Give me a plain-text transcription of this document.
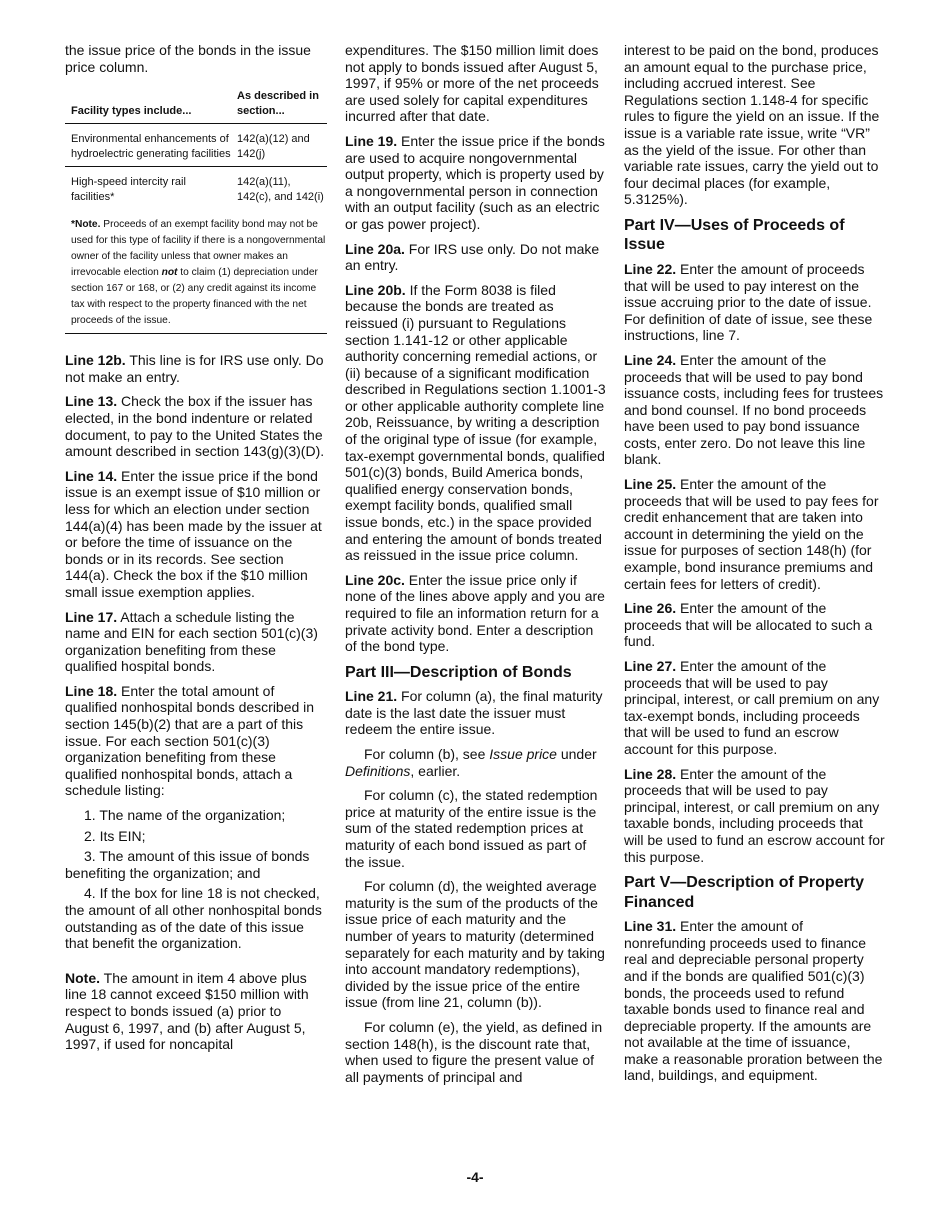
the issue price of the bonds in the issue price column.

Facility types include...	As described in section...
Environmental enhancements of hydroelectric generating facilities	142(a)(12) and 142(j)
High-speed intercity rail facilities*	142(a)(11), 142(c), and 142(i)
*Note. Proceeds of an exempt facility bond may not be used for this type of facility if there is a nongovernmental owner of the facility unless that owner makes an irrevocable election not to claim (1) depreciation under section 167 or 168, or (2) any credit against its income tax with respect to the property financed with the net proceeds of the issue.	

Line 12b. This line is for IRS use only. Do not make an entry.

Line 13. Check the box if the issuer has elected, in the bond indenture or related document, to pay to the United States the amount described in section 143(g)(3)(D).

Line 14. Enter the issue price if the bond issue is an exempt issue of $10 million or less for which an election under section 144(a)(4) has been made by the issuer at or before the time of issuance on the bonds or in its records. See section 144(a). Check the box if the $10 million small issue exemption applies.

Line 17. Attach a schedule listing the name and EIN for each section 501(c)(3) organization benefiting from these qualified hospital bonds.

Line 18. Enter the total amount of qualified nonhospital bonds described in section 145(b)(2) that are a part of this issue. For each section 501(c)(3) organization benefiting from these qualified nonhospital bonds, attach a schedule listing:

1. The name of the organization;
2. Its EIN;
3. The amount of this issue of bonds benefiting the organization; and
4. If the box for line 18 is not checked, the amount of all other nonhospital bonds outstanding as of the date of this issue that benefit the organization.

Note. The amount in item 4 above plus line 18 cannot exceed $150 million with respect to bonds issued (a) prior to August 6, 1997, and (b) after August 5, 1997, if used for noncapital

expenditures. The $150 million limit does not apply to bonds issued after August 5, 1997, if 95% or more of the net proceeds are used solely for capital expenditures incurred after that date.

Line 19. Enter the issue price if the bonds are used to acquire nongovernmental output property, which is property used by a nongovernmental person in connection with an output facility (such as an electric or gas power project).

Line 20a. For IRS use only. Do not make an entry.

Line 20b. If the Form 8038 is filed because the bonds are treated as reissued (i) pursuant to Regulations section 1.141-12 or other applicable authority concerning remedial actions, or (ii) because of a significant modification described in Regulations section 1.1001-3 or other applicable authority complete line 20b, Reissuance, by writing a description of the original type of issue (for example, tax-exempt governmental bonds, qualified 501(c)(3) bonds, Build America bonds, qualified energy conservation bonds, exempt facility bonds, qualified small issue bonds, etc.) in the space provided and entering the amount of bonds treated as reissued in the issue price column.

Line 20c. Enter the issue price only if none of the lines above apply and you are required to file an information return for a private activity bond. Enter a description of the bond type.

Part III—Description of Bonds

Line 21. For column (a), the final maturity date is the last date the issuer must redeem the entire issue.

For column (b), see Issue price under Definitions, earlier.

For column (c), the stated redemption price at maturity of the entire issue is the sum of the stated redemption prices at maturity of each bond issued as part of the issue.

For column (d), the weighted average maturity is the sum of the products of the issue price of each maturity and the number of years to maturity (determined separately for each maturity and by taking into account mandatory redemptions), divided by the issue price of the entire issue (from line 21, column (b)).

For column (e), the yield, as defined in section 148(h), is the discount rate that, when used to figure the present value of all payments of principal and

interest to be paid on the bond, produces an amount equal to the purchase price, including accrued interest. See Regulations section 1.148-4 for specific rules to figure the yield on an issue. If the issue is a variable rate issue, write “VR” as the yield of the issue. For other than variable rate issues, carry the yield out to four decimal places (for example, 5.3125%).

Part IV—Uses of Proceeds of Issue

Line 22. Enter the amount of proceeds that will be used to pay interest on the issue accruing prior to the date of issue. For definition of date of issue, see these instructions, line 7.

Line 24. Enter the amount of the proceeds that will be used to pay bond issuance costs, including fees for trustees and bond counsel. If no bond proceeds have been used to pay bond issuance costs, enter zero. Do not leave this line blank.

Line 25. Enter the amount of the proceeds that will be used to pay fees for credit enhancement that are taken into account in determining the yield on the issue for purposes of section 148(h) (for example, bond insurance premiums and certain fees for letters of credit).

Line 26. Enter the amount of the proceeds that will be allocated to such a fund.

Line 27. Enter the amount of the proceeds that will be used to pay principal, interest, or call premium on any tax-exempt bonds, including proceeds that will be used to fund an escrow account for this purpose.

Line 28. Enter the amount of the proceeds that will be used to pay principal, interest, or call premium on any taxable bonds, including proceeds that will be used to fund an escrow account for this purpose.

Part V—Description of Property Financed

Line 31. Enter the amount of nonrefunding proceeds used to finance real and depreciable personal property and if the bonds are qualified 501(c)(3) bonds, the proceeds used to refund taxable bonds used to finance real and depreciable property. If the amounts are not available at the time of issuance, make a reasonable proration between the land, buildings, and equipment.

-4-
